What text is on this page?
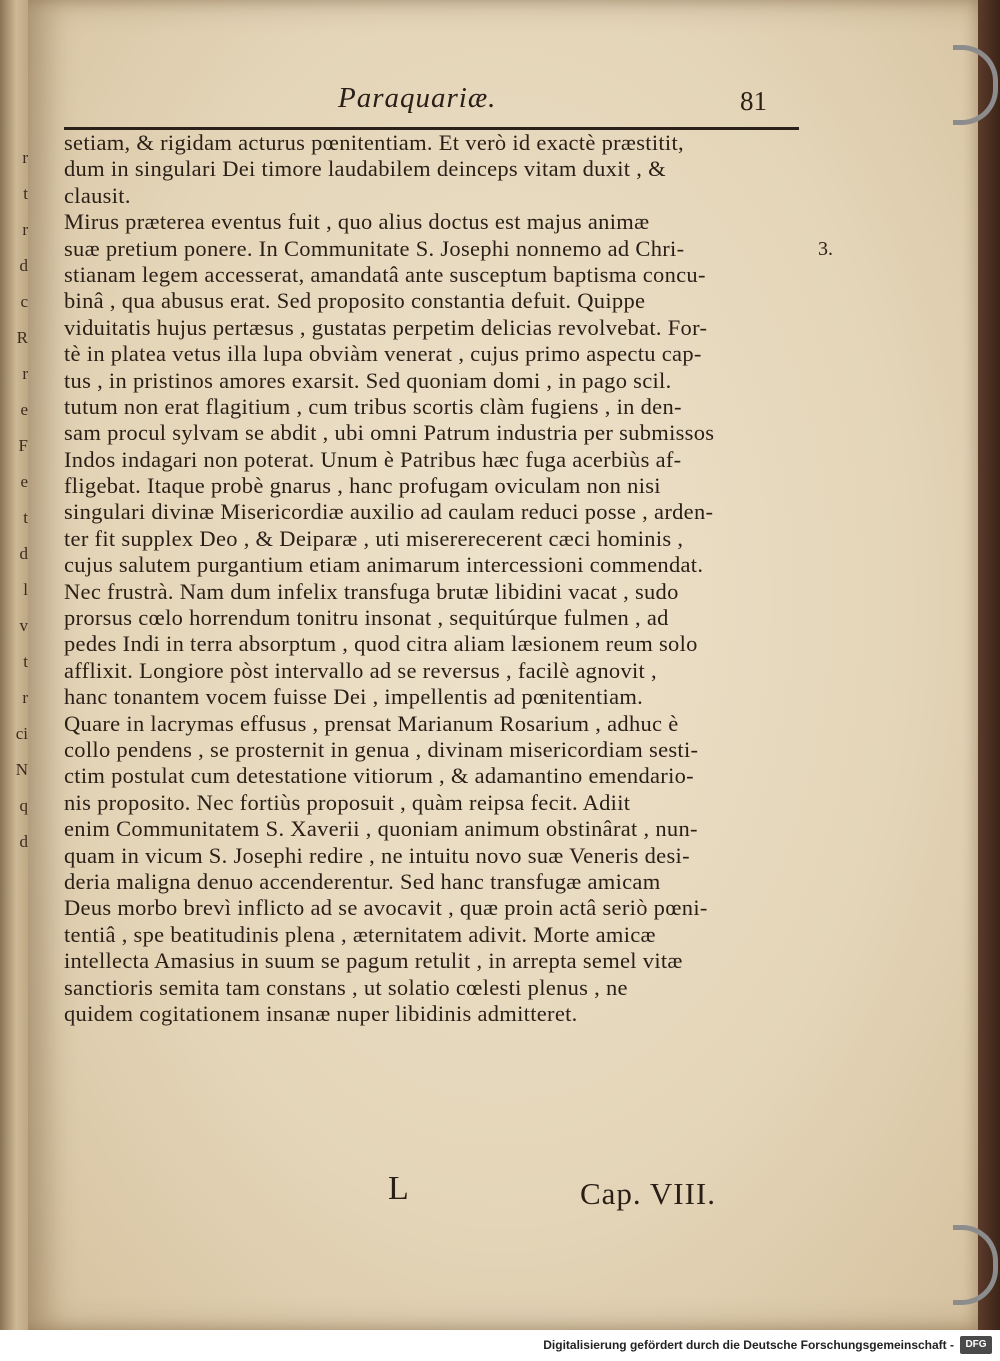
r
t
r
d
c
R
r
e
F
e
t
d
l
v
t
r
ci
N
q
d
Paraquariæ.	81
3.
setiam, & rigidam acturus pœnitentiam. Et verò id exactè præstitit,
dum in singulari Dei timore laudabilem deinceps vitam duxit , &
clausit.
Mirus præterea eventus fuit , quo alius doctus est majus animæ
suæ pretium ponere. In Communitate S. Josephi nonnemo ad Chri-
stianam legem accesserat, amandatâ ante susceptum baptisma concu-
binâ , qua abusus erat. Sed proposito constantia defuit. Quippe
viduitatis hujus pertæsus , gustatas perpetim delicias revolvebat. For-
tè in platea vetus illa lupa obviàm venerat , cujus primo aspectu cap-
tus , in pristinos amores exarsit. Sed quoniam domi , in pago scil.
tutum non erat flagitium , cum tribus scortis clàm fugiens , in den-
sam procul sylvam se abdit , ubi omni Patrum industria per submissos
Indos indagari non poterat. Unum è Patribus hæc fuga acerbiùs af-
fligebat. Itaque probè gnarus , hanc profugam oviculam non nisi
singulari divinæ Misericordiæ auxilio ad caulam reduci posse , arden-
ter fit supplex Deo , & Deiparæ , uti misererecerent cæci hominis ,
cujus salutem purgantium etiam animarum intercessioni commendat.
Nec frustrà. Nam dum infelix transfuga brutæ libidini vacat , sudo
prorsus cœlo horrendum tonitru insonat , sequitúrque fulmen , ad
pedes Indi in terra absorptum , quod citra aliam læsionem reum solo
afflixit. Longiore pòst intervallo ad se reversus , facilè agnovit ,
hanc tonantem vocem fuisse Dei , impellentis ad pœnitentiam.
Quare in lacrymas effusus , prensat Marianum Rosarium , adhuc è
collo pendens , se prosternit in genua , divinam misericordiam sesti-
ctim postulat cum detestatione vitiorum , & adamantino emendario-
nis proposito. Nec fortiùs proposuit , quàm reipsa fecit. Adiit
enim Communitatem S. Xaverii , quoniam animum obstinârat , nun-
quam in vicum S. Josephi redire , ne intuitu novo suæ Veneris desi-
deria maligna denuo accenderentur. Sed hanc transfugæ amicam
Deus morbo brevì inflicto ad se avocavit , quæ proin actâ seriò pœni-
tentiâ , spe beatitudinis plena , æternitatem adivit. Morte amicæ
intellecta Amasius in suum se pagum retulit , in arrepta semel vitæ
sanctioris semita tam constans , ut solatio cœlesti plenus , ne
quidem cogitationem insanæ nuper libidinis admitteret.
L	Cap. VIII.
Digitalisierung gefördert durch die Deutsche Forschungsgemeinschaft -	DFG
